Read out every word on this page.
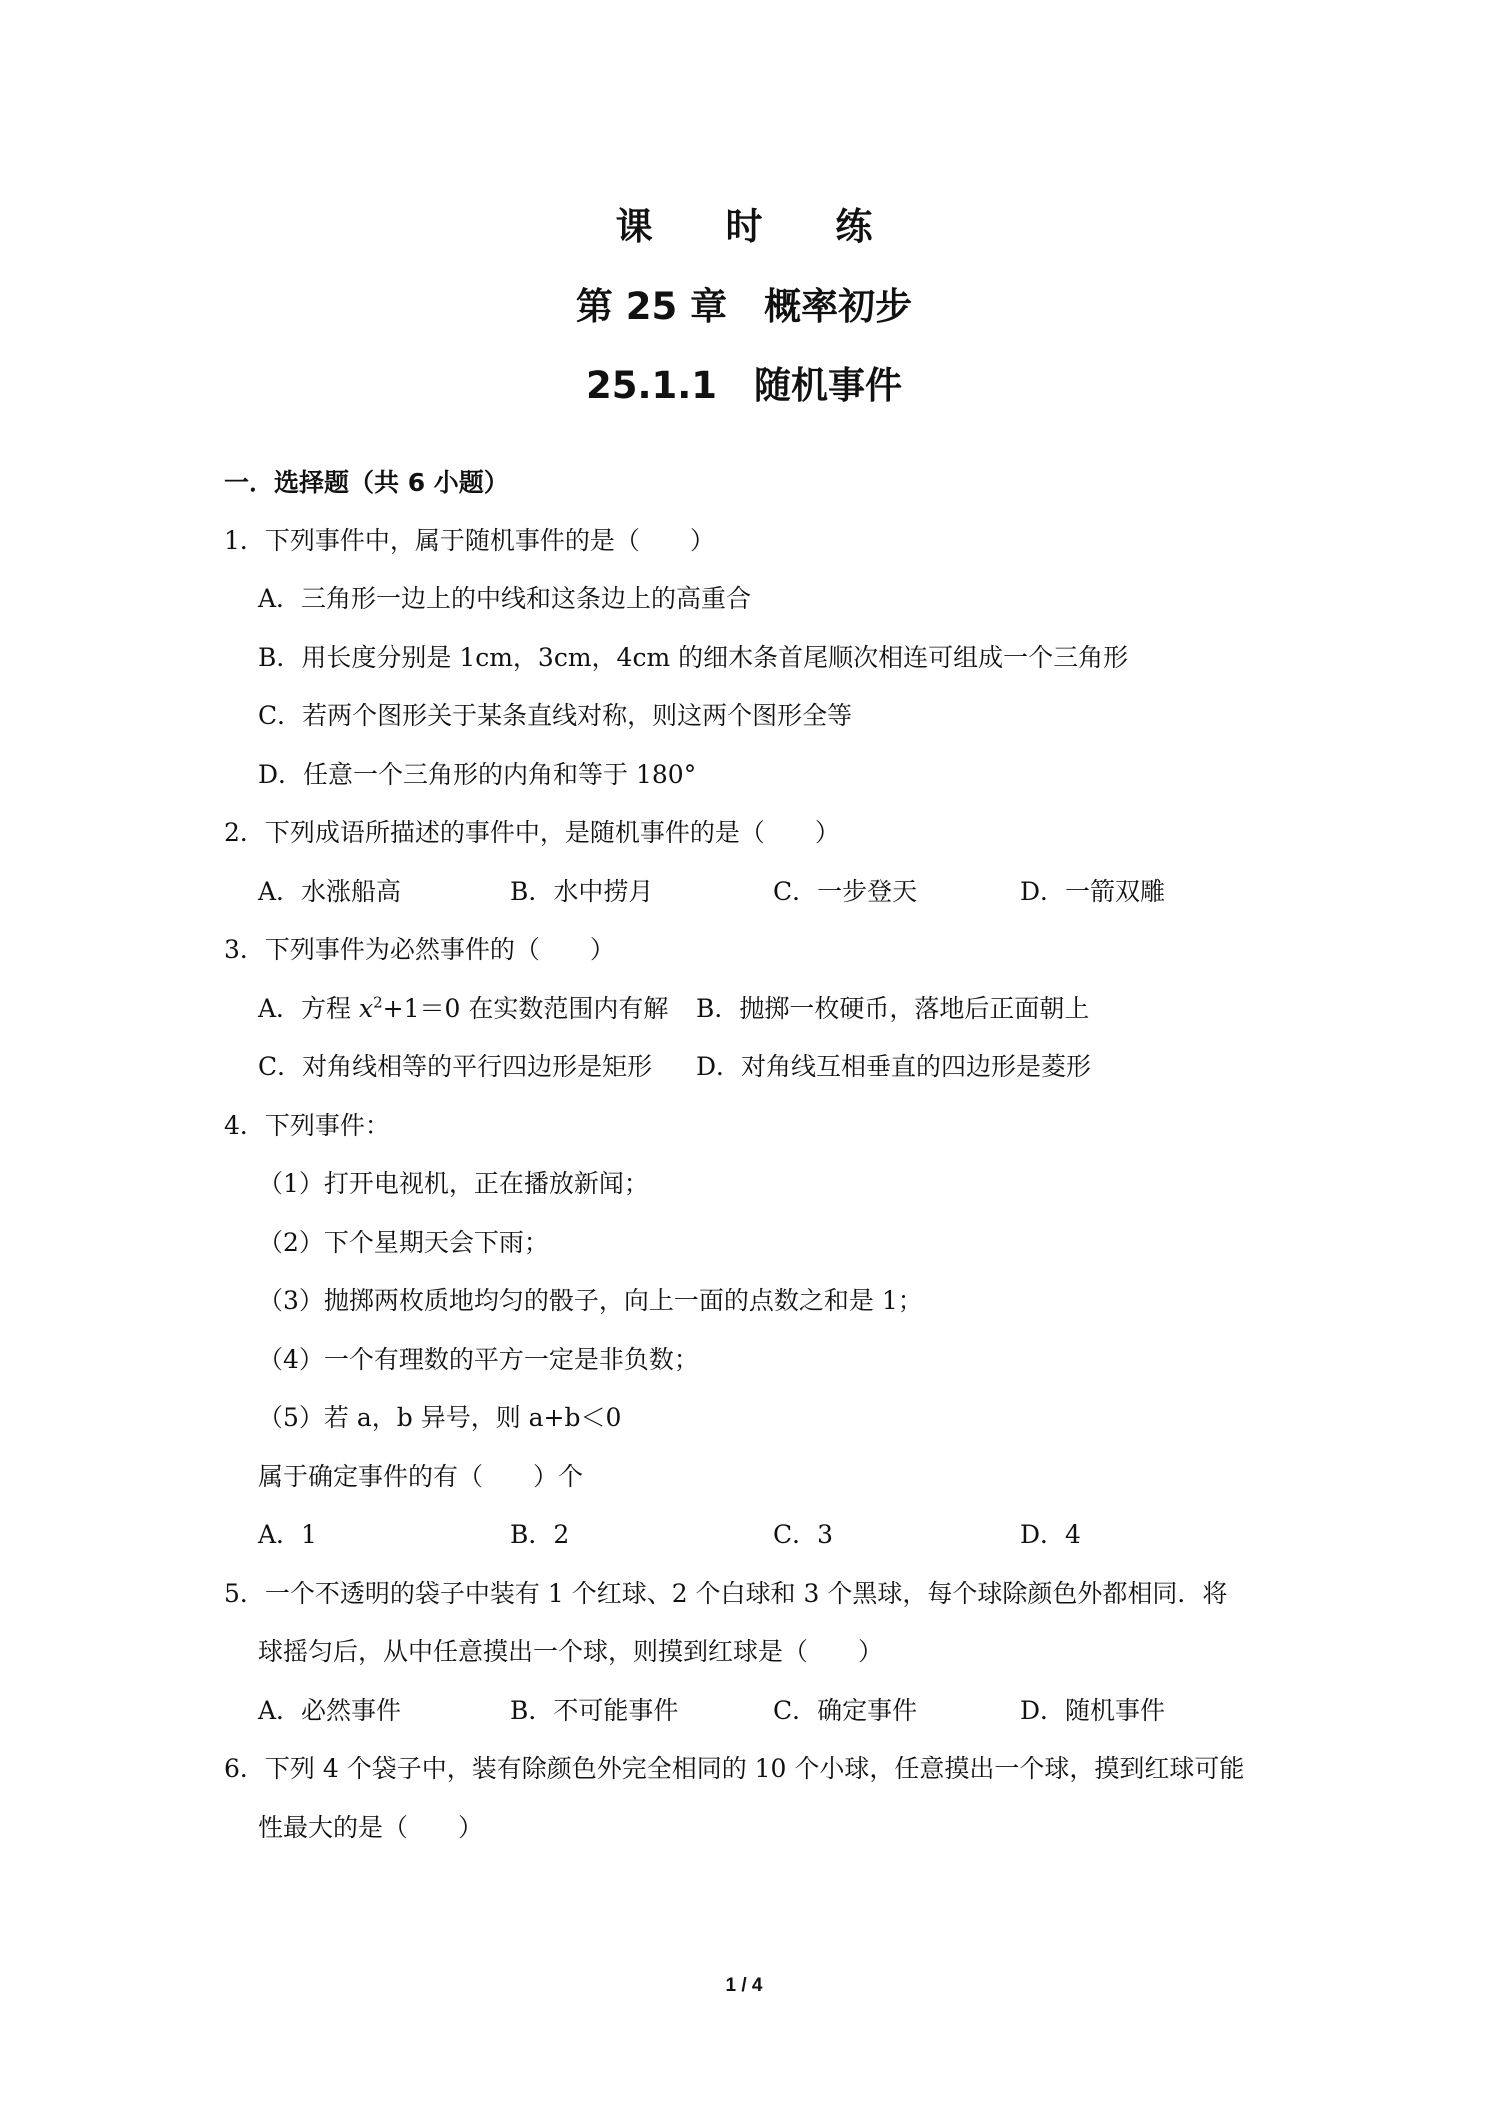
课 时 练
第 25 章　概率初步
25.1.1　随机事件
一．选择题（共 6 小题）
1．下列事件中，属于随机事件的是（　　）
A．三角形一边上的中线和这条边上的高重合
B．用长度分别是 1cm，3cm，4cm 的细木条首尾顺次相连可组成一个三角形
C．若两个图形关于某条直线对称，则这两个图形全等
D．任意一个三角形的内角和等于 180°
2．下列成语所描述的事件中，是随机事件的是（　　）
A．水涨船高	B．水中捞月	C．一步登天	D．一箭双雕
3．下列事件为必然事件的（　　）
A．方程 $x^2+1=0$ 在实数范围内有解 B．抛掷一枚硬币，落地后正面朝上
C．对角线相等的平行四边形是矩形 D．对角线互相垂直的四边形是菱形
4．下列事件：
（1）打开电视机，正在播放新闻；
（2）下个星期天会下雨；
（3）抛掷两枚质地均匀的骰子，向上一面的点数之和是 1；
（4）一个有理数的平方一定是非负数；
（5）若 a，b 异号，则 a+b＜0
属于确定事件的有（　　）个
A．1	B．2	C．3	D．4
5．一个不透明的袋子中装有 1 个红球、2 个白球和 3 个黑球，每个球除颜色外都相同．将
球摇匀后，从中任意摸出一个球，则摸到红球是（　　）
A．必然事件	B．不可能事件	C．确定事件	D．随机事件
6．下列 4 个袋子中，装有除颜色外完全相同的 10 个小球，任意摸出一个球，摸到红球可能
性最大的是（　　）
1 / 4
